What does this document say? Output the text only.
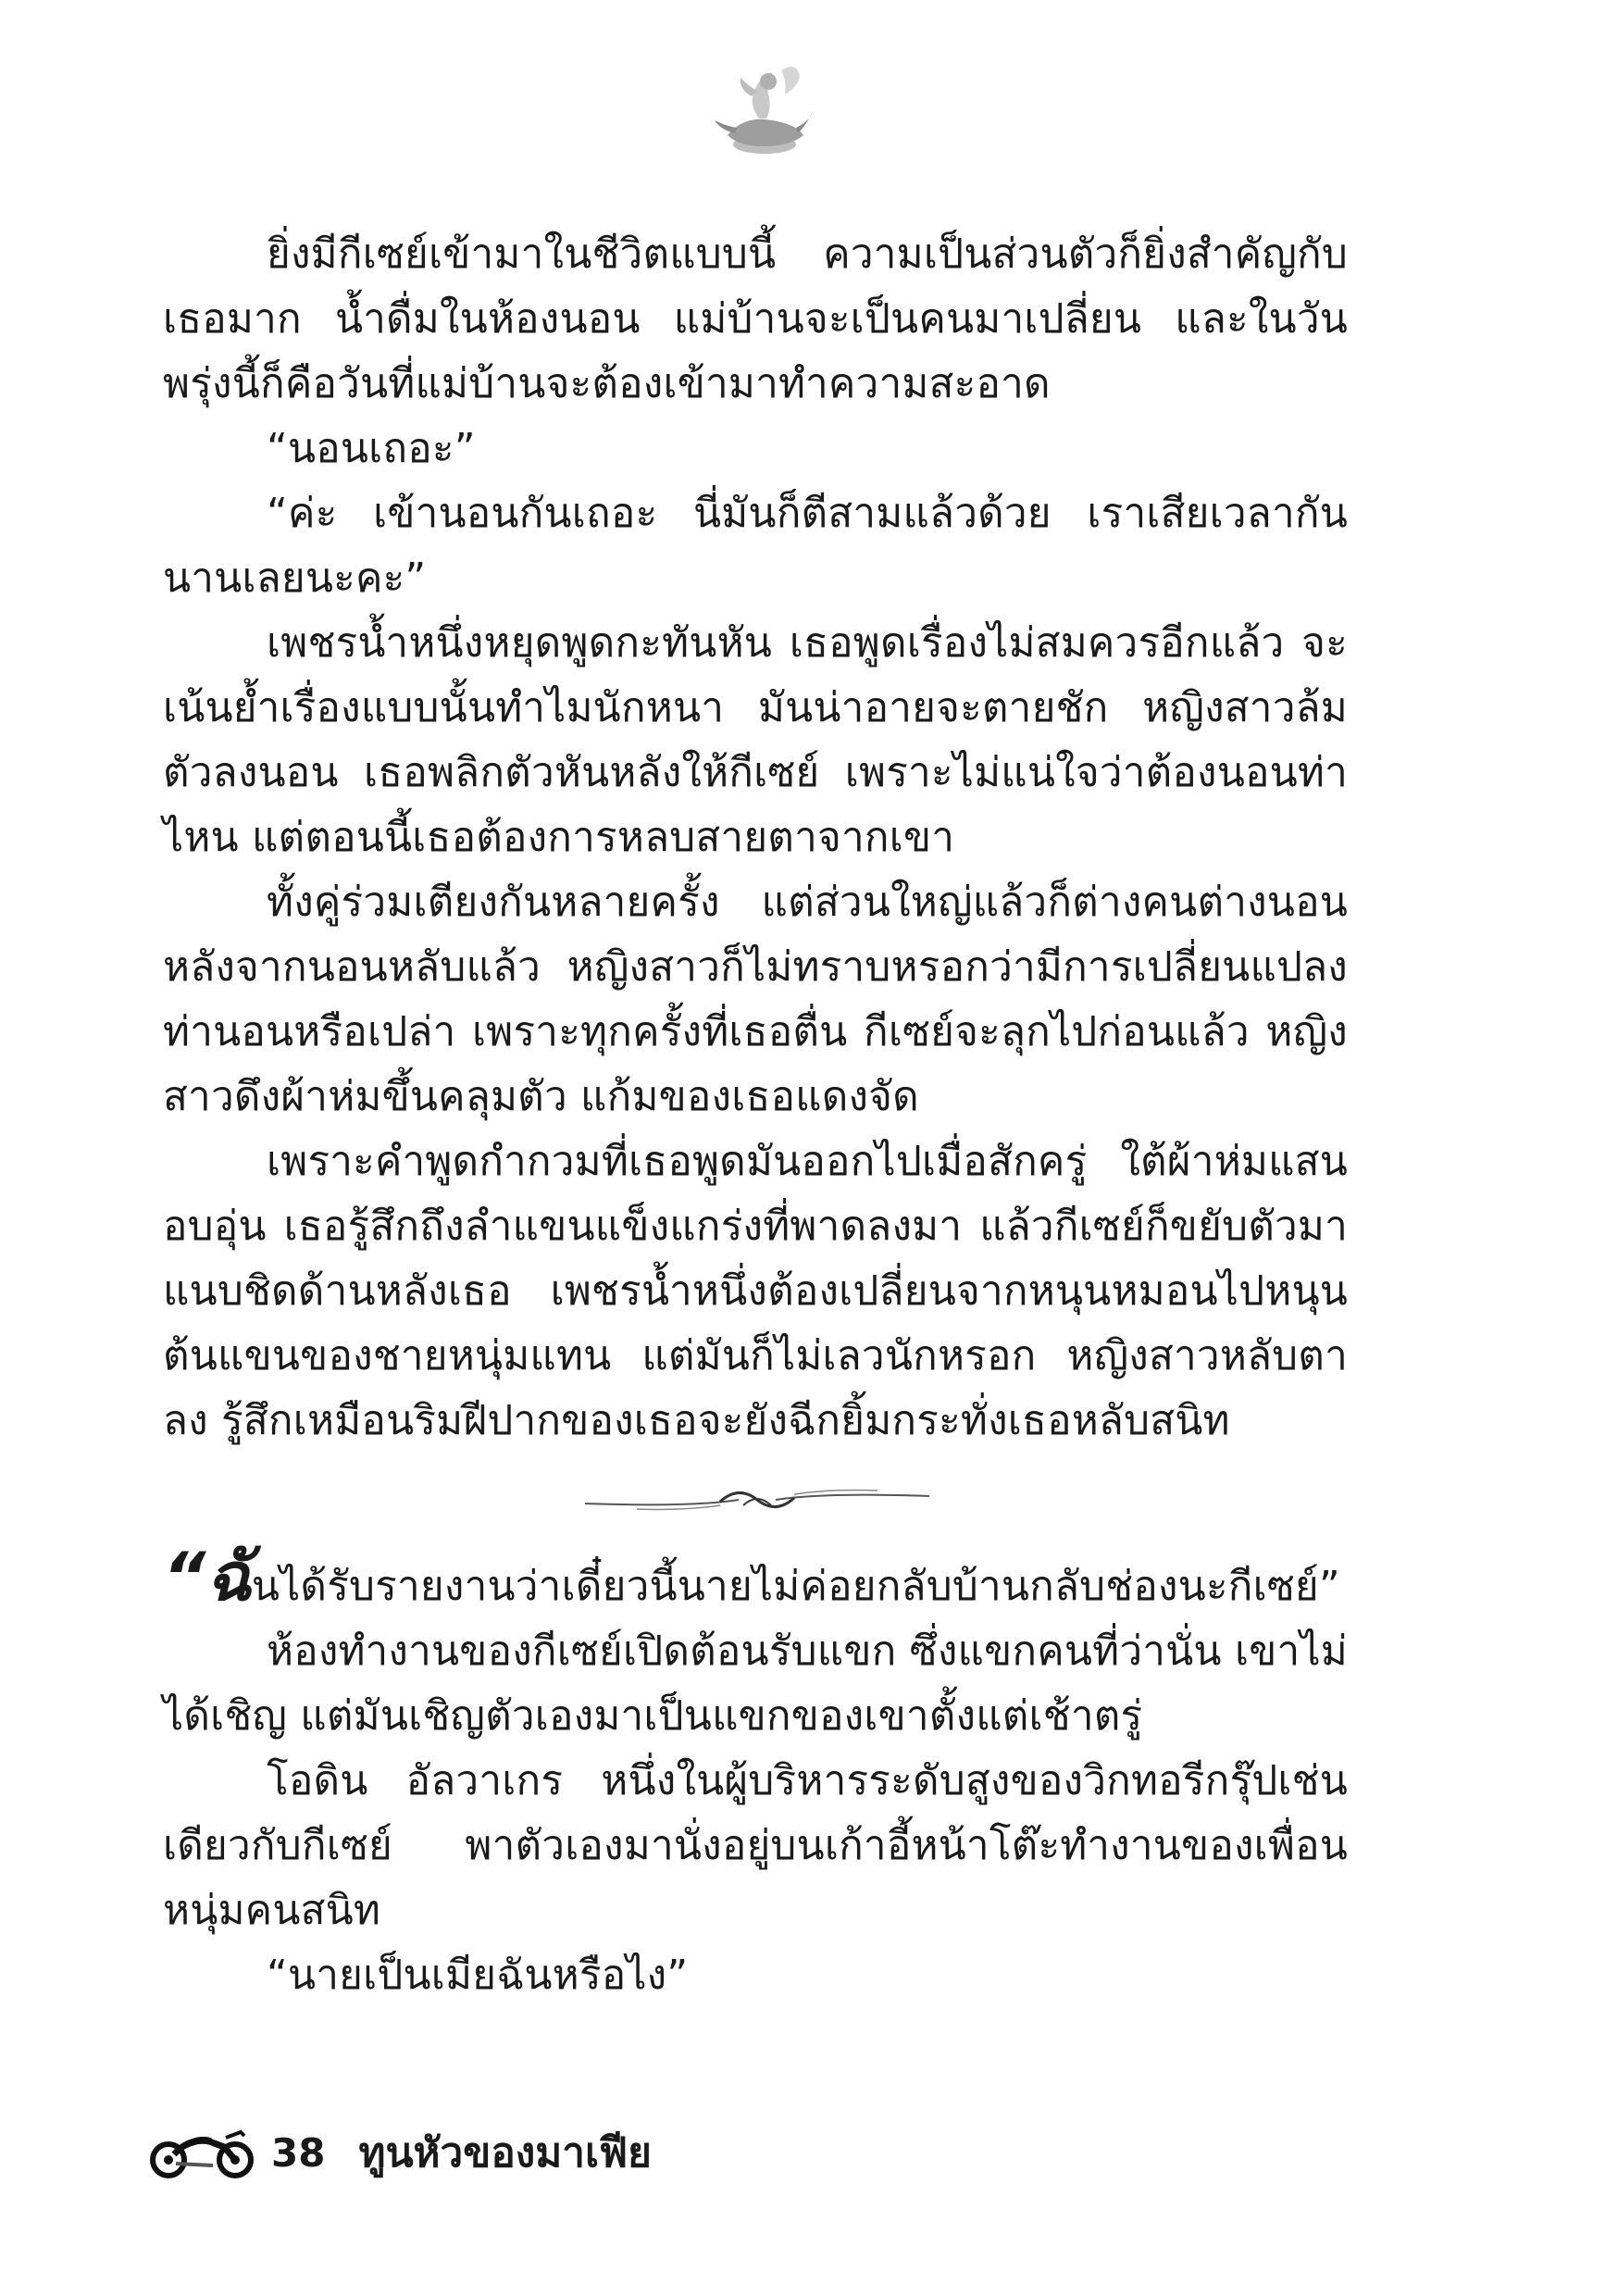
ยิ่งมีกีเซย์เข้ามาในชีวิตแบบนี้ ความเป็นส่วนตัวก็ยิ่งสำคัญกับเธอมาก น้ำดื่มในห้องนอน แม่บ้านจะเป็นคนมาเปลี่ยน และในวันพรุ่งนี้ก็คือวันที่แม่บ้านจะต้องเข้ามาทำความสะอาด

“นอนเถอะ”

“ค่ะ เข้านอนกันเถอะ นี่มันก็ตีสามแล้วด้วย เราเสียเวลากันนานเลยนะคะ”

เพชรน้ำหนึ่งหยุดพูดกะทันหัน เธอพูดเรื่องไม่สมควรอีกแล้ว จะเน้นย้ำเรื่องแบบนั้นทำไมนักหนา มันน่าอายจะตายชัก หญิงสาวล้มตัวลงนอน เธอพลิกตัวหันหลังให้กีเซย์ เพราะไม่แน่ใจว่าต้องนอนท่าไหน แต่ตอนนี้เธอต้องการหลบสายตาจากเขา

ทั้งคู่ร่วมเตียงกันหลายครั้ง แต่ส่วนใหญ่แล้วก็ต่างคนต่างนอน หลังจากนอนหลับแล้ว หญิงสาวก็ไม่ทราบหรอกว่ามีการเปลี่ยนแปลงท่านอนหรือเปล่า เพราะทุกครั้งที่เธอตื่น กีเซย์จะลุกไปก่อนแล้ว หญิงสาวดึงผ้าห่มขึ้นคลุมตัว แก้มของเธอแดงจัด

เพราะคำพูดกำกวมที่เธอพูดมันออกไปเมื่อสักครู่ ใต้ผ้าห่มแสนอบอุ่น เธอรู้สึกถึงลำแขนแข็งแกร่งที่พาดลงมา แล้วกีเซย์ก็ขยับตัวมาแนบชิดด้านหลังเธอ เพชรน้ำหนึ่งต้องเปลี่ยนจากหนุนหมอนไปหนุนต้นแขนของชายหนุ่มแทน แต่มันก็ไม่เลวนักหรอก หญิงสาวหลับตาลง รู้สึกเหมือนริมฝีปากของเธอจะยังฉีกยิ้มกระทั่งเธอหลับสนิท

“ฉันได้รับรายงานว่าเดี๋ยวนี้นายไม่ค่อยกลับบ้านกลับช่องนะกีเซย์”

ห้องทำงานของกีเซย์เปิดต้อนรับแขก ซึ่งแขกคนที่ว่านั่น เขาไม่ได้เชิญ แต่มันเชิญตัวเองมาเป็นแขกของเขาตั้งแต่เช้าตรู่

โอดิน อัลวาเกร หนึ่งในผู้บริหารระดับสูงของวิกทอรีกรุ๊ปเช่นเดียวกับกีเซย์ พาตัวเองมานั่งอยู่บนเก้าอี้หน้าโต๊ะทำงานของเพื่อนหนุ่มคนสนิท

“นายเป็นเมียฉันหรือไง”

38 ทูนหัวของมาเฟีย
